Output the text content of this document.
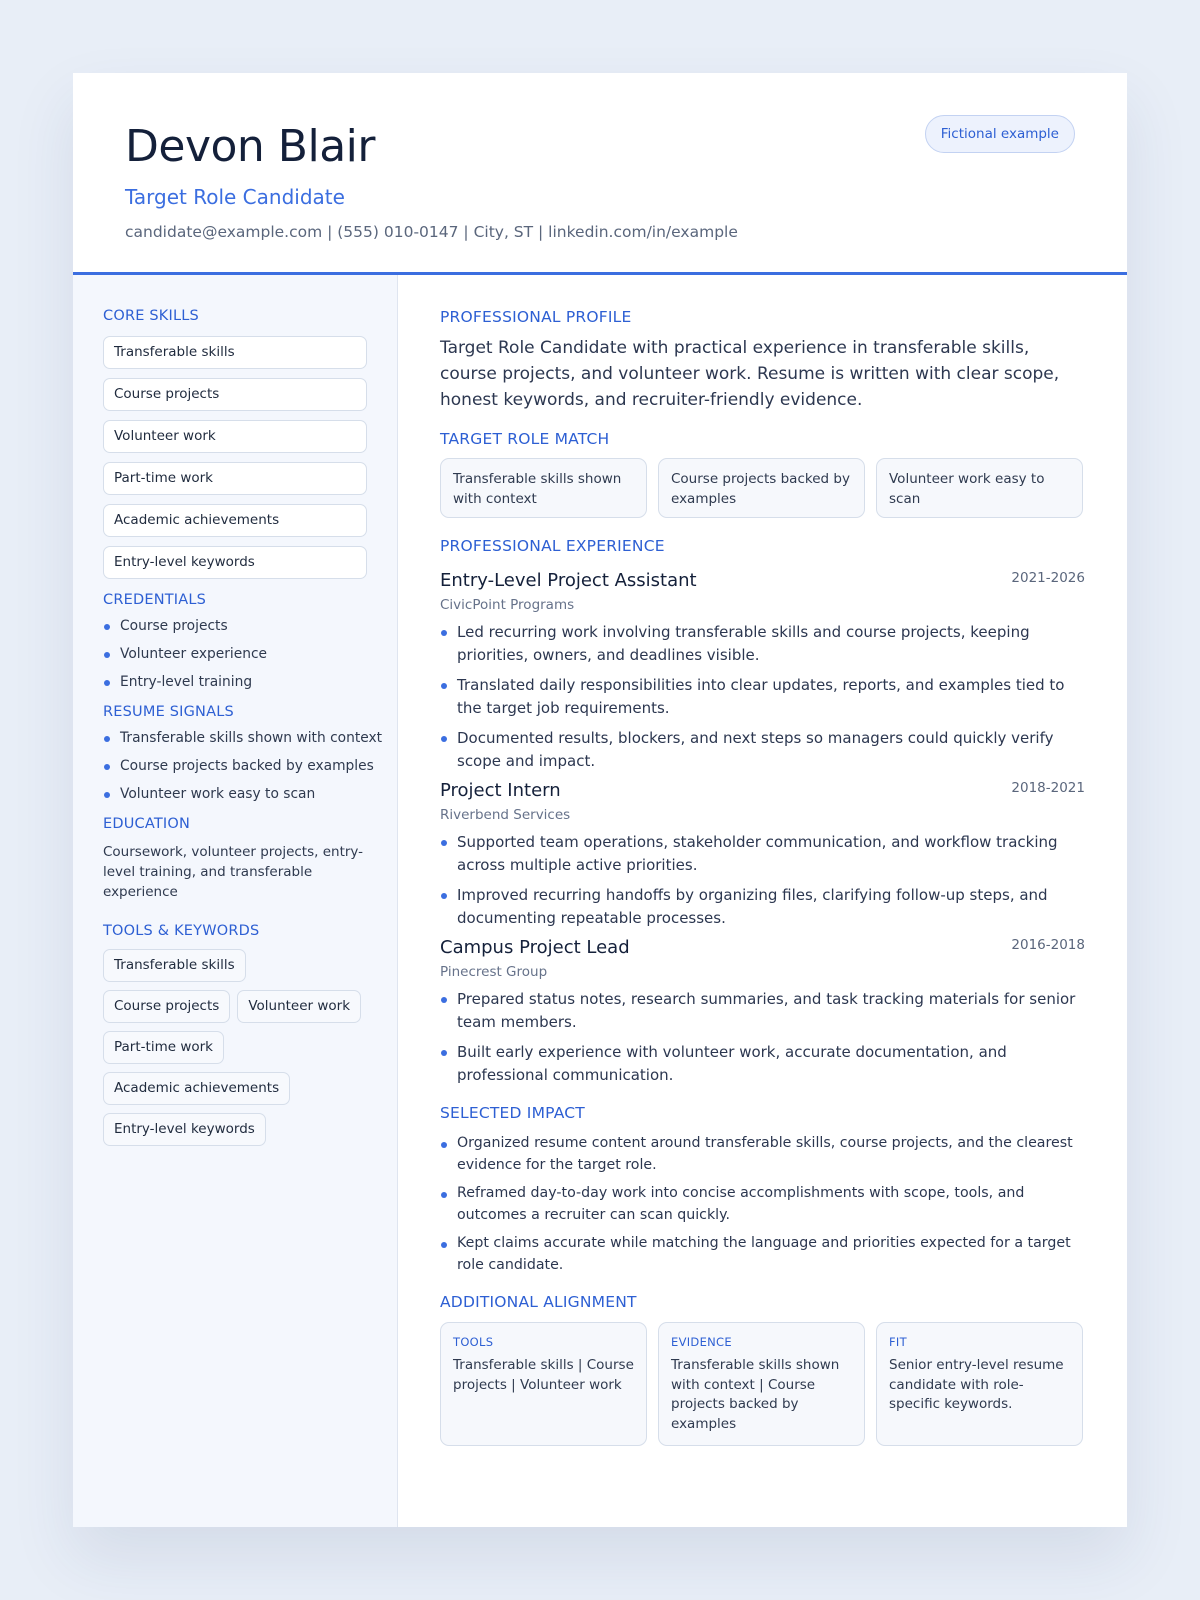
Devon Blair
Target Role Candidate
candidate@example.com | (555) 010-0147 | City, ST | linkedin.com/in/example
Fictional example
CORE SKILLS
Transferable skills
Course projects
Volunteer work
Part-time work
Academic achievements
Entry-level keywords
CREDENTIALS
Course projects
Volunteer experience
Entry-level training
RESUME SIGNALS
Transferable skills shown with context
Course projects backed by examples
Volunteer work easy to scan
EDUCATION
Coursework, volunteer projects, entry-level training, and transferable experience
TOOLS & KEYWORDS
Transferable skills
Course projects	Volunteer work
Part-time work
Academic achievements
Entry-level keywords
PROFESSIONAL PROFILE
Target Role Candidate with practical experience in transferable skills, course projects, and volunteer work. Resume is written with clear scope, honest keywords, and recruiter-friendly evidence.
TARGET ROLE MATCH
Transferable skills shown with context
Course projects backed by examples
Volunteer work easy to scan
PROFESSIONAL EXPERIENCE
Entry-Level Project Assistant	2021-2026
CivicPoint Programs
Led recurring work involving transferable skills and course projects, keeping priorities, owners, and deadlines visible.
Translated daily responsibilities into clear updates, reports, and examples tied to the target job requirements.
Documented results, blockers, and next steps so managers could quickly verify scope and impact.
Project Intern	2018-2021
Riverbend Services
Supported team operations, stakeholder communication, and workflow tracking across multiple active priorities.
Improved recurring handoffs by organizing files, clarifying follow-up steps, and documenting repeatable processes.
Campus Project Lead	2016-2018
Pinecrest Group
Prepared status notes, research summaries, and task tracking materials for senior team members.
Built early experience with volunteer work, accurate documentation, and professional communication.
SELECTED IMPACT
Organized resume content around transferable skills, course projects, and the clearest evidence for the target role.
Reframed day-to-day work into concise accomplishments with scope, tools, and outcomes a recruiter can scan quickly.
Kept claims accurate while matching the language and priorities expected for a target role candidate.
ADDITIONAL ALIGNMENT
TOOLS
Transferable skills | Course projects | Volunteer work
EVIDENCE
Transferable skills shown with context | Course projects backed by examples
FIT
Senior entry-level resume candidate with role-specific keywords.
